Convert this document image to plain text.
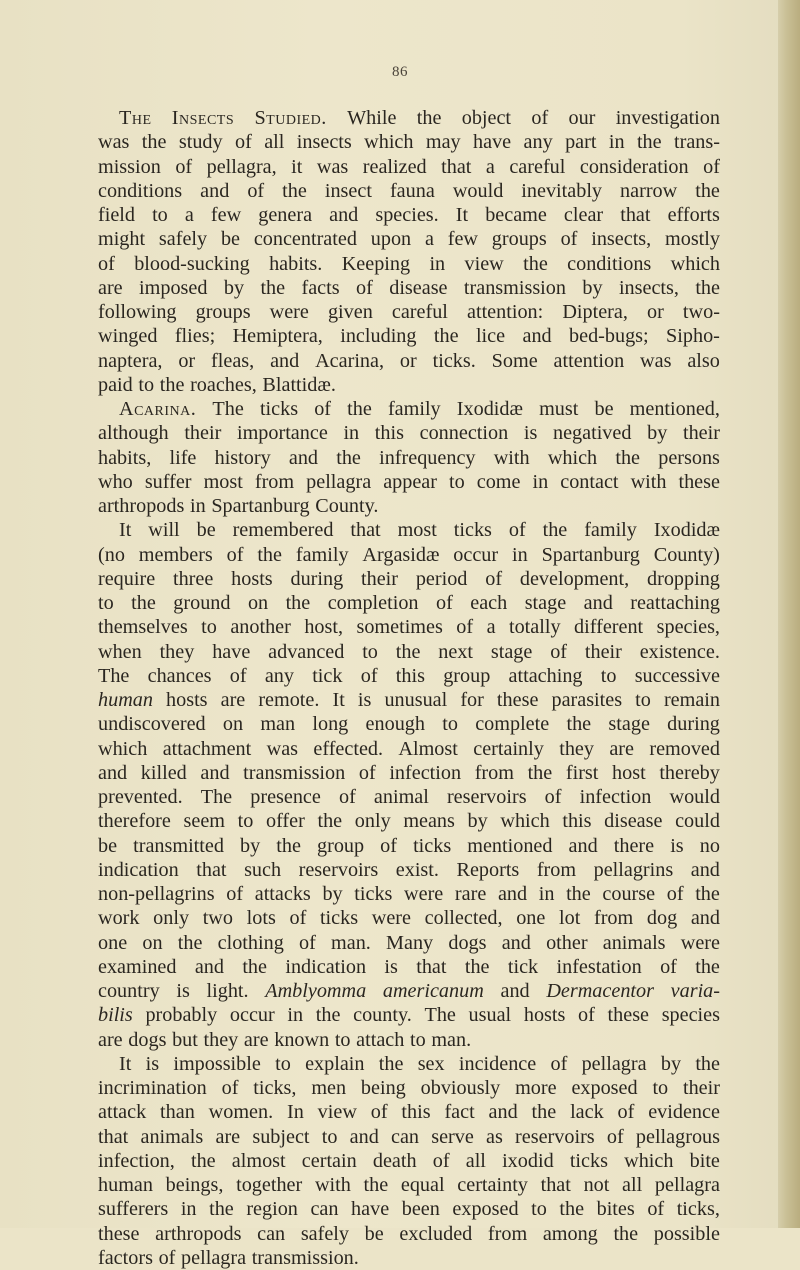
86
The Insects Studied. While the object of our investigation
was the study of all insects which may have any part in the trans-
mission of pellagra, it was realized that a careful consideration of
conditions and of the insect fauna would inevitably narrow the
field to a few genera and species. It became clear that efforts
might safely be concentrated upon a few groups of insects, mostly
of blood-sucking habits. Keeping in view the conditions which
are imposed by the facts of disease transmission by insects, the
following groups were given careful attention: Diptera, or two-
winged flies; Hemiptera, including the lice and bed-bugs; Sipho-
naptera, or fleas, and Acarina, or ticks. Some attention was also
paid to the roaches, Blattidæ.
Acarina. The ticks of the family Ixodidæ must be mentioned,
although their importance in this connection is negatived by their
habits, life history and the infrequency with which the persons
who suffer most from pellagra appear to come in contact with these
arthropods in Spartanburg County.
It will be remembered that most ticks of the family Ixodidæ
(no members of the family Argasidæ occur in Spartanburg County)
require three hosts during their period of development, dropping
to the ground on the completion of each stage and reattaching
themselves to another host, sometimes of a totally different species,
when they have advanced to the next stage of their existence.
The chances of any tick of this group attaching to successive
human hosts are remote. It is unusual for these parasites to remain
undiscovered on man long enough to complete the stage during
which attachment was effected. Almost certainly they are removed
and killed and transmission of infection from the first host thereby
prevented. The presence of animal reservoirs of infection would
therefore seem to offer the only means by which this disease could
be transmitted by the group of ticks mentioned and there is no
indication that such reservoirs exist. Reports from pellagrins and
non-pellagrins of attacks by ticks were rare and in the course of the
work only two lots of ticks were collected, one lot from dog and
one on the clothing of man. Many dogs and other animals were
examined and the indication is that the tick infestation of the
country is light. Amblyomma americanum and Dermacentor varia-
bilis probably occur in the county. The usual hosts of these species
are dogs but they are known to attach to man.
It is impossible to explain the sex incidence of pellagra by the
incrimination of ticks, men being obviously more exposed to their
attack than women. In view of this fact and the lack of evidence
that animals are subject to and can serve as reservoirs of pellagrous
infection, the almost certain death of all ixodid ticks which bite
human beings, together with the equal certainty that not all pellagra
sufferers in the region can have been exposed to the bites of ticks,
these arthropods can safely be excluded from among the possible
factors of pellagra transmission.
